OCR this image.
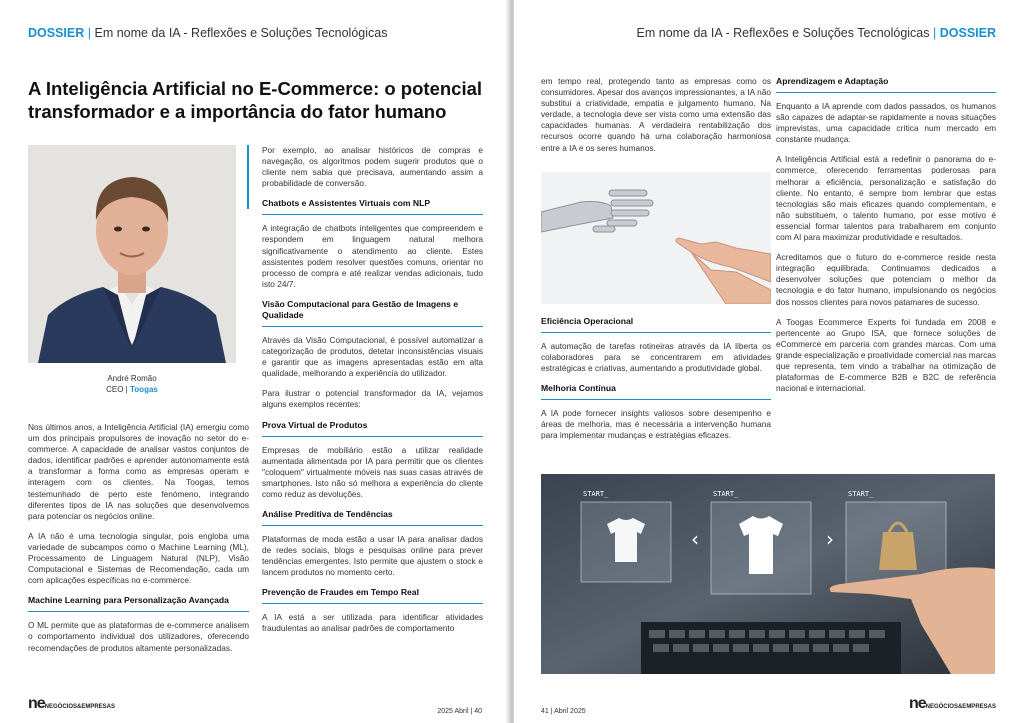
DOSSIER | Em nome da IA - Reflexões e Soluções Tecnológicas
A Inteligência Artificial no E-Commerce: o potencial transformador e a importância do fator humano
André Romão
CEO | Toogas

Nos últimos anos, a Inteligência Artificial (IA) emergiu como um dos principais propulsores de inovação no setor do e-commerce. A capacidade de analisar vastos conjuntos de dados, identificar padrões e aprender autonomamente está a transformar a forma como as empresas operam e interagem com os clientes. Na Toogas, temos testemunhado de perto este fenómeno, integrando diferentes tipos de IA nas soluções que desenvolvemos para potenciar os negócios online.

A IA não é uma tecnologia singular, pois engloba uma variedade de subcampos como o Machine Learning (ML), Processamento de Linguagem Natural (NLP), Visão Computacional e Sistemas de Recomendação, cada um com aplicações específicas no e-commerce.

Machine Learning para Personalização Avançada

O ML permite que as plataformas de e-commerce analisem o comportamento individual dos utilizadores, oferecendo recomendações de produtos altamente personalizadas.

Por exemplo, ao analisar históricos de compras e navegação, os algoritmos podem sugerir produtos que o cliente nem sabia que precisava, aumentando assim a probabilidade de conversão.

Chatbots e Assistentes Virtuais com NLP

A integração de chatbots inteligentes que compreendem e respondem em linguagem natural melhora significativamente o atendimento ao cliente. Estes assistentes podem resolver questões comuns, orientar no processo de compra e até realizar vendas adicionais, tudo isto 24/7.

Visão Computacional para Gestão de Imagens e Qualidade

Através da Visão Computacional, é possível automatizar a categorização de produtos, detetar inconsistências visuais e garantir que as imagens apresentadas estão em alta qualidade, melhorando a experiência do utilizador.

Para ilustrar o potencial transformador da IA, vejamos alguns exemplos recentes:

Prova Virtual de Produtos

Empresas de mobiliário estão a utilizar realidade aumentada alimentada por IA para permitir que os clientes "coloquem" virtualmente móveis nas suas casas através de smartphones. Isto não só melhora a experiência do cliente como reduz as devoluções.

Análise Preditiva de Tendências

Plataformas de moda estão a usar IA para analisar dados de redes sociais, blogs e pesquisas online para prever tendências emergentes. Isto permite que ajustem o stock e lancem produtos no momento certo.

Prevenção de Fraudes em Tempo Real

A IA está a ser utilizada para identificar atividades fraudulentas ao analisar padrões de comportamento

neNEGÓCIOS&EMPRESAS
2025 Abril | 40
Em nome da IA - Reflexões e Soluções Tecnológicas | DOSSIER

em tempo real, protegendo tanto as empresas como os consumidores. Apesar dos avanços impressionantes, a IA não substitui a criatividade, empatia e julgamento humano. Na verdade, a tecnologia deve ser vista como uma extensão das capacidades humanas. A verdadeira rentabilização dos recursos ocorre quando há uma colaboração harmoniosa entre a IA e os seres humanos.

Eficiência Operacional

A automação de tarefas rotineiras através da IA liberta os colaboradores para se concentrarem em atividades estratégicas e criativas, aumentando a produtividade global.

Melhoria Contínua

A IA pode fornecer insights valiosos sobre desempenho e áreas de melhoria, mas é necessária a intervenção humana para implementar mudanças e estratégias eficazes.

Aprendizagem e Adaptação

Enquanto a IA aprende com dados passados, os humanos são capazes de adaptar-se rapidamente a novas situações imprevistas, uma capacidade crítica num mercado em constante mudança.

A Inteligência Artificial está a redefinir o panorama do e-commerce, oferecendo ferramentas poderosas para melhorar a eficiência, personalização e satisfação do cliente. No entanto, é sempre bom lembrar que estas tecnologias são mais eficazes quando complementam, e não substituem, o talento humano, por esse motivo é essencial formar talentos para trabalharem em conjunto com AI para maximizar produtividade e resultados.

Acreditamos que o futuro do e-commerce reside nesta integração equilibrada. Continuamos dedicados a desenvolver soluções que potenciam o melhor da tecnologia e do fator humano, impulsionando os negócios dos nossos clientes para novos patamares de sucesso.

A Toogas Ecommerce Experts foi fundada em 2008 e pertencente ao Grupo ISA, que fornece soluções de eCommerce em parceria com grandes marcas. Com uma grande especialização e proatividade comercial nas marcas que representa, tem vindo a trabalhar na otimização de plataformas de E-commerce B2B e B2C de referência nacional e internacional.

‹	›
START_	START_	START_
41 | Abril 2025	neNEGÓCIOS&EMPRESAS
